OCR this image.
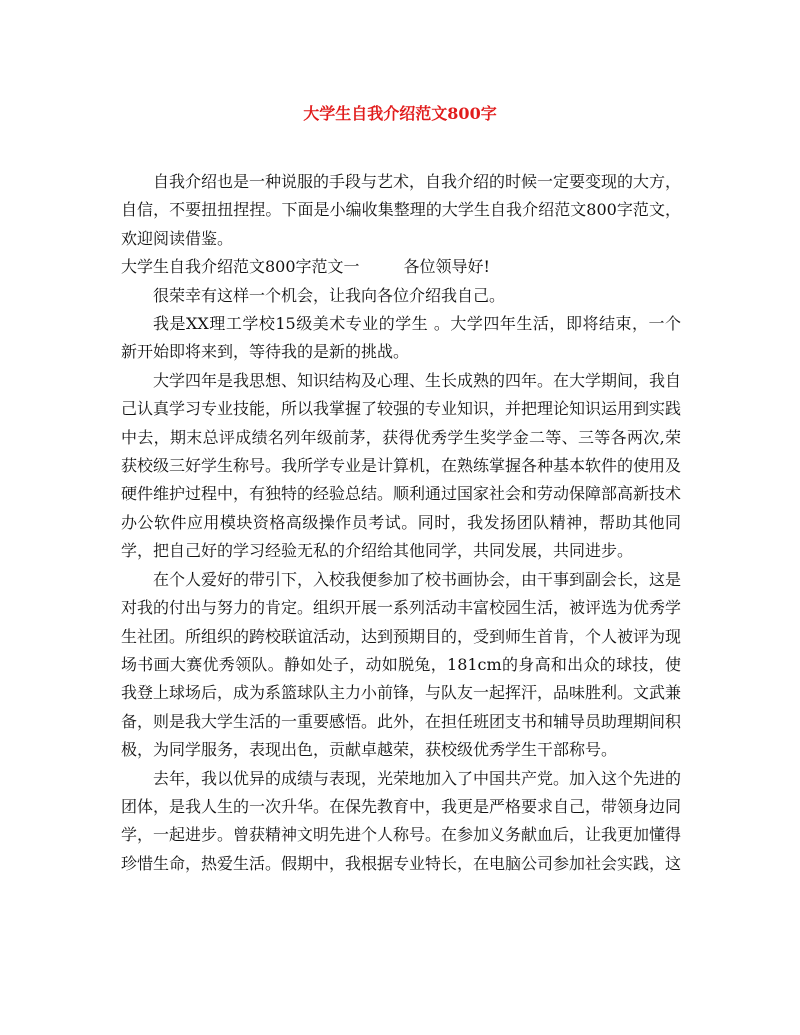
大学生自我介绍范文800字

自我介绍也是一种说服的手段与艺术，自我介绍的时候一定要变现的大方，自信，不要扭扭捏捏。下面是小编收集整理的大学生自我介绍范文800字范文，欢迎阅读借鉴。

大学生自我介绍范文800字范文一	各位领导好!

很荣幸有这样一个机会，让我向各位介绍我自己。

我是XX理工学校15级美术专业的学生 。大学四年生活，即将结束，一个新开始即将来到，等待我的是新的挑战。

大学四年是我思想、知识结构及心理、生长成熟的四年。在大学期间，我自己认真学习专业技能，所以我掌握了较强的专业知识，并把理论知识运用到实践中去，期末总评成绩名列年级前茅，获得优秀学生奖学金二等、三等各两次,荣获校级三好学生称号。我所学专业是计算机，在熟练掌握各种基本软件的使用及硬件维护过程中，有独特的经验总结。顺利通过国家社会和劳动保障部高新技术办公软件应用模块资格高级操作员考试。同时，我发扬团队精神，帮助其他同学，把自己好的学习经验无私的介绍给其他同学，共同发展，共同进步。

在个人爱好的带引下，入校我便参加了校书画协会，由干事到副会长，这是对我的付出与努力的肯定。组织开展一系列活动丰富校园生活，被评选为优秀学生社团。所组织的跨校联谊活动，达到预期目的，受到师生首肯，个人被评为现场书画大赛优秀领队。静如处子，动如脱兔，181cm的身高和出众的球技，使我登上球场后，成为系篮球队主力小前锋，与队友一起挥汗，品味胜利。文武兼备，则是我大学生活的一重要感悟。此外，在担任班团支书和辅导员助理期间积极，为同学服务，表现出色，贡献卓越荣，获校级优秀学生干部称号。

去年，我以优异的成绩与表现，光荣地加入了中国共产党。加入这个先进的团体，是我人生的一次升华。在保先教育中，我更是严格要求自己，带领身边同学，一起进步。曾获精神文明先进个人称号。在参加义务献血后，让我更加懂得珍惜生命，热爱生活。假期中，我根据专业特长，在电脑公司参加社会实践，这
